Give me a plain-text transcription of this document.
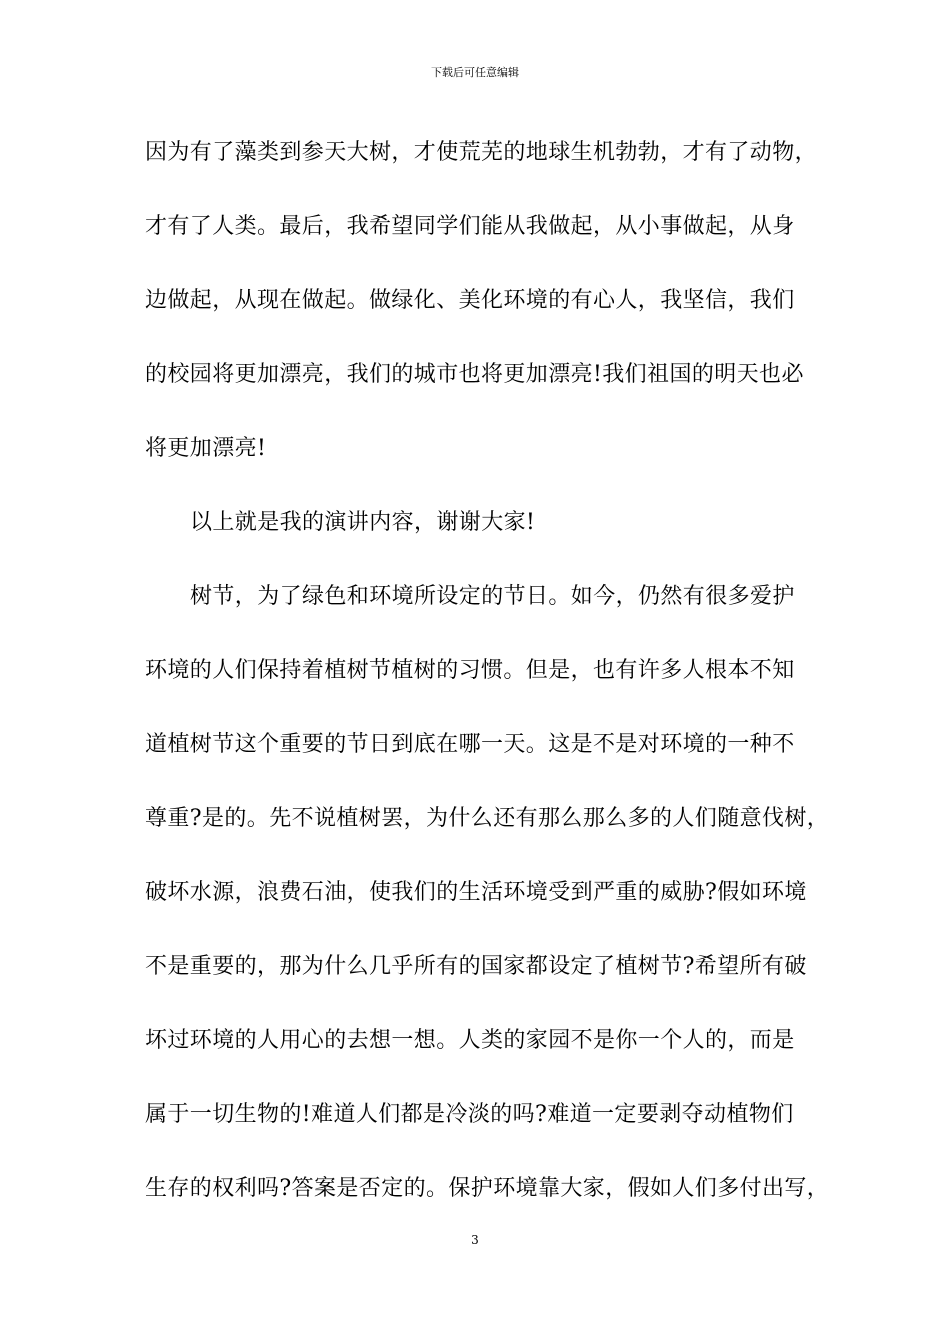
下载后可任意编辑
因为有了藻类到参天大树，才使荒芜的地球生机勃勃，才有了动物，
才有了人类。最后，我希望同学们能从我做起，从小事做起，从身
边做起，从现在做起。做绿化、美化环境的有心人，我坚信，我们
的校园将更加漂亮，我们的城市也将更加漂亮!我们祖国的明天也必
将更加漂亮!
以上就是我的演讲内容，谢谢大家!
树节，为了绿色和环境所设定的节日。如今，仍然有很多爱护
环境的人们保持着植树节植树的习惯。但是，也有许多人根本不知
道植树节这个重要的节日到底在哪一天。这是不是对环境的一种不
尊重?是的。先不说植树罢，为什么还有那么那么多的人们随意伐树，
破坏水源，浪费石油，使我们的生活环境受到严重的威胁?假如环境
不是重要的，那为什么几乎所有的国家都设定了植树节?希望所有破
坏过环境的人用心的去想一想。人类的家园不是你一个人的，而是
属于一切生物的!难道人们都是冷淡的吗?难道一定要剥夺动植物们
生存的权利吗?答案是否定的。保护环境靠大家，假如人们多付出写，
3
